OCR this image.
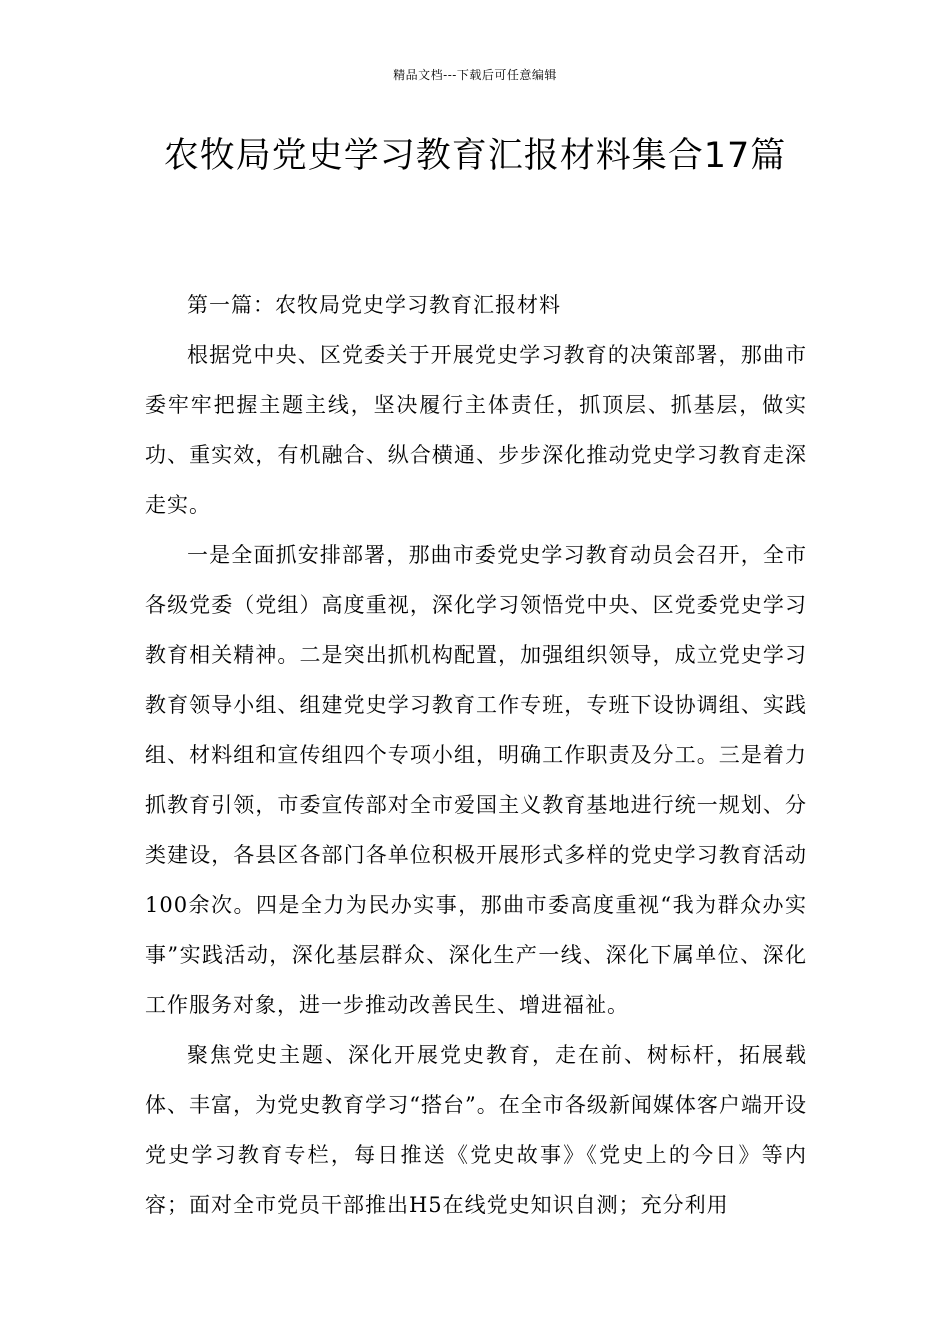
精品文档---下载后可任意编辑
农牧局党史学习教育汇报材料集合17篇

第一篇：农牧局党史学习教育汇报材料

根据党中央、区党委关于开展党史学习教育的决策部署，那曲市委牢牢把握主题主线，坚决履行主体责任，抓顶层、抓基层，做实功、重实效，有机融合、纵合横通、步步深化推动党史学习教育走深走实。

一是全面抓安排部署，那曲市委党史学习教育动员会召开，全市各级党委（党组）高度重视，深化学习领悟党中央、区党委党史学习教育相关精神。二是突出抓机构配置，加强组织领导，成立党史学习教育领导小组、组建党史学习教育工作专班，专班下设协调组、实践组、材料组和宣传组四个专项小组，明确工作职责及分工。三是着力抓教育引领，市委宣传部对全市爱国主义教育基地进行统一规划、分类建设，各县区各部门各单位积极开展形式多样的党史学习教育活动100余次。四是全力为民办实事，那曲市委高度重视“我为群众办实事”实践活动，深化基层群众、深化生产一线、深化下属单位、深化工作服务对象，进一步推动改善民生、增进福祉。

聚焦党史主题、深化开展党史教育，走在前、树标杆，拓展载体、丰富，为党史教育学习“搭台”。在全市各级新闻媒体客户端开设党史学习教育专栏，每日推送《党史故事》《党史上的今日》等内容；面对全市党员干部推出H5在线党史知识自测；充分利用
